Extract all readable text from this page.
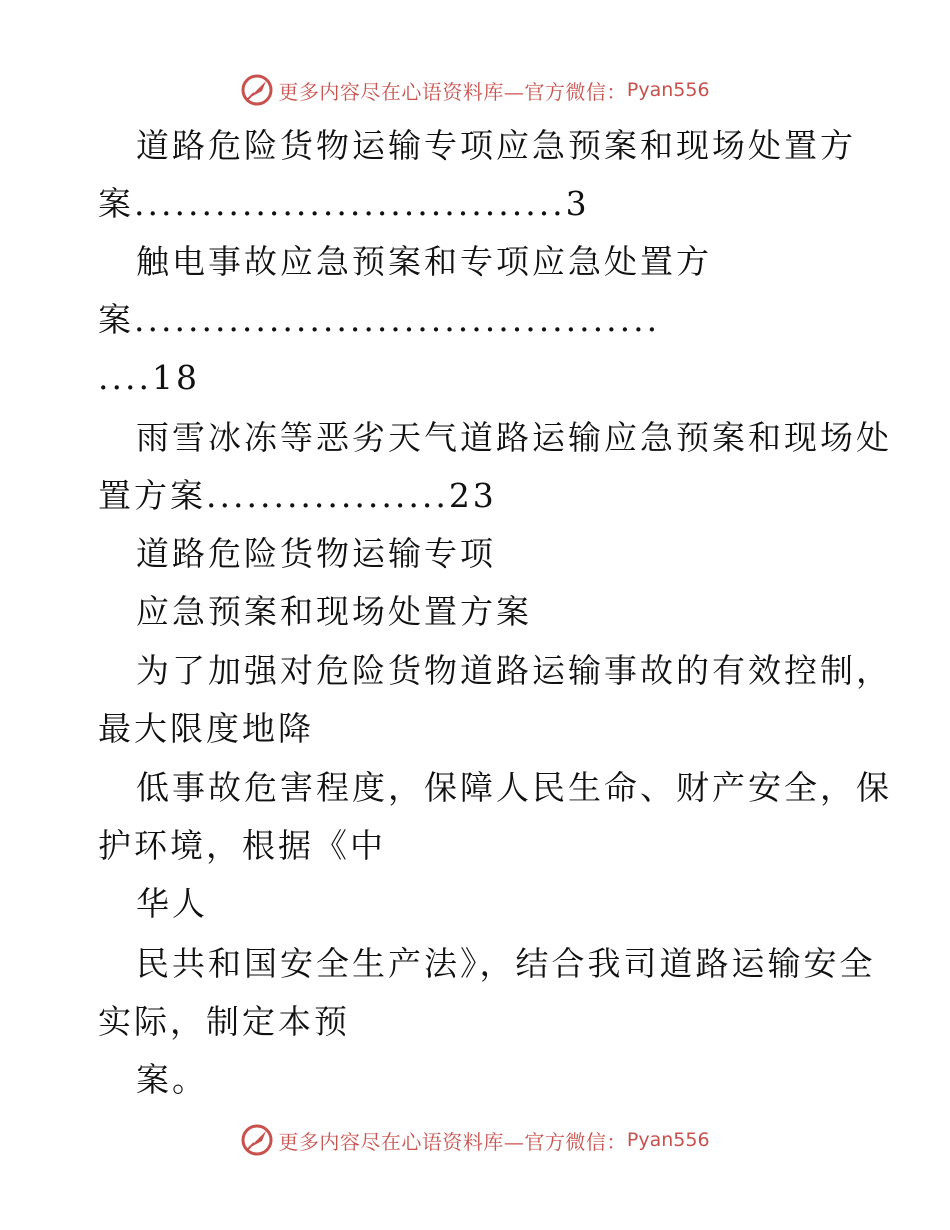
更多内容尽在心语资料库—官方微信： Pyan556
道路危险货物运输专项应急预案和现场处置方
案................................3
触电事故应急预案和专项应急处置方
案.......................................
....18
雨雪冰冻等恶劣天气道路运输应急预案和现场处
置方案..................23
道路危险货物运输专项
应急预案和现场处置方案
为了加强对危险货物道路运输事故的有效控制，
最大限度地降
低事故危害程度，保障人民生命、财产安全，保
护环境，根据《中
华人
民共和国安全生产法》，结合我司道路运输安全
实际，制定本预
案。
更多内容尽在心语资料库—官方微信： Pyan556
